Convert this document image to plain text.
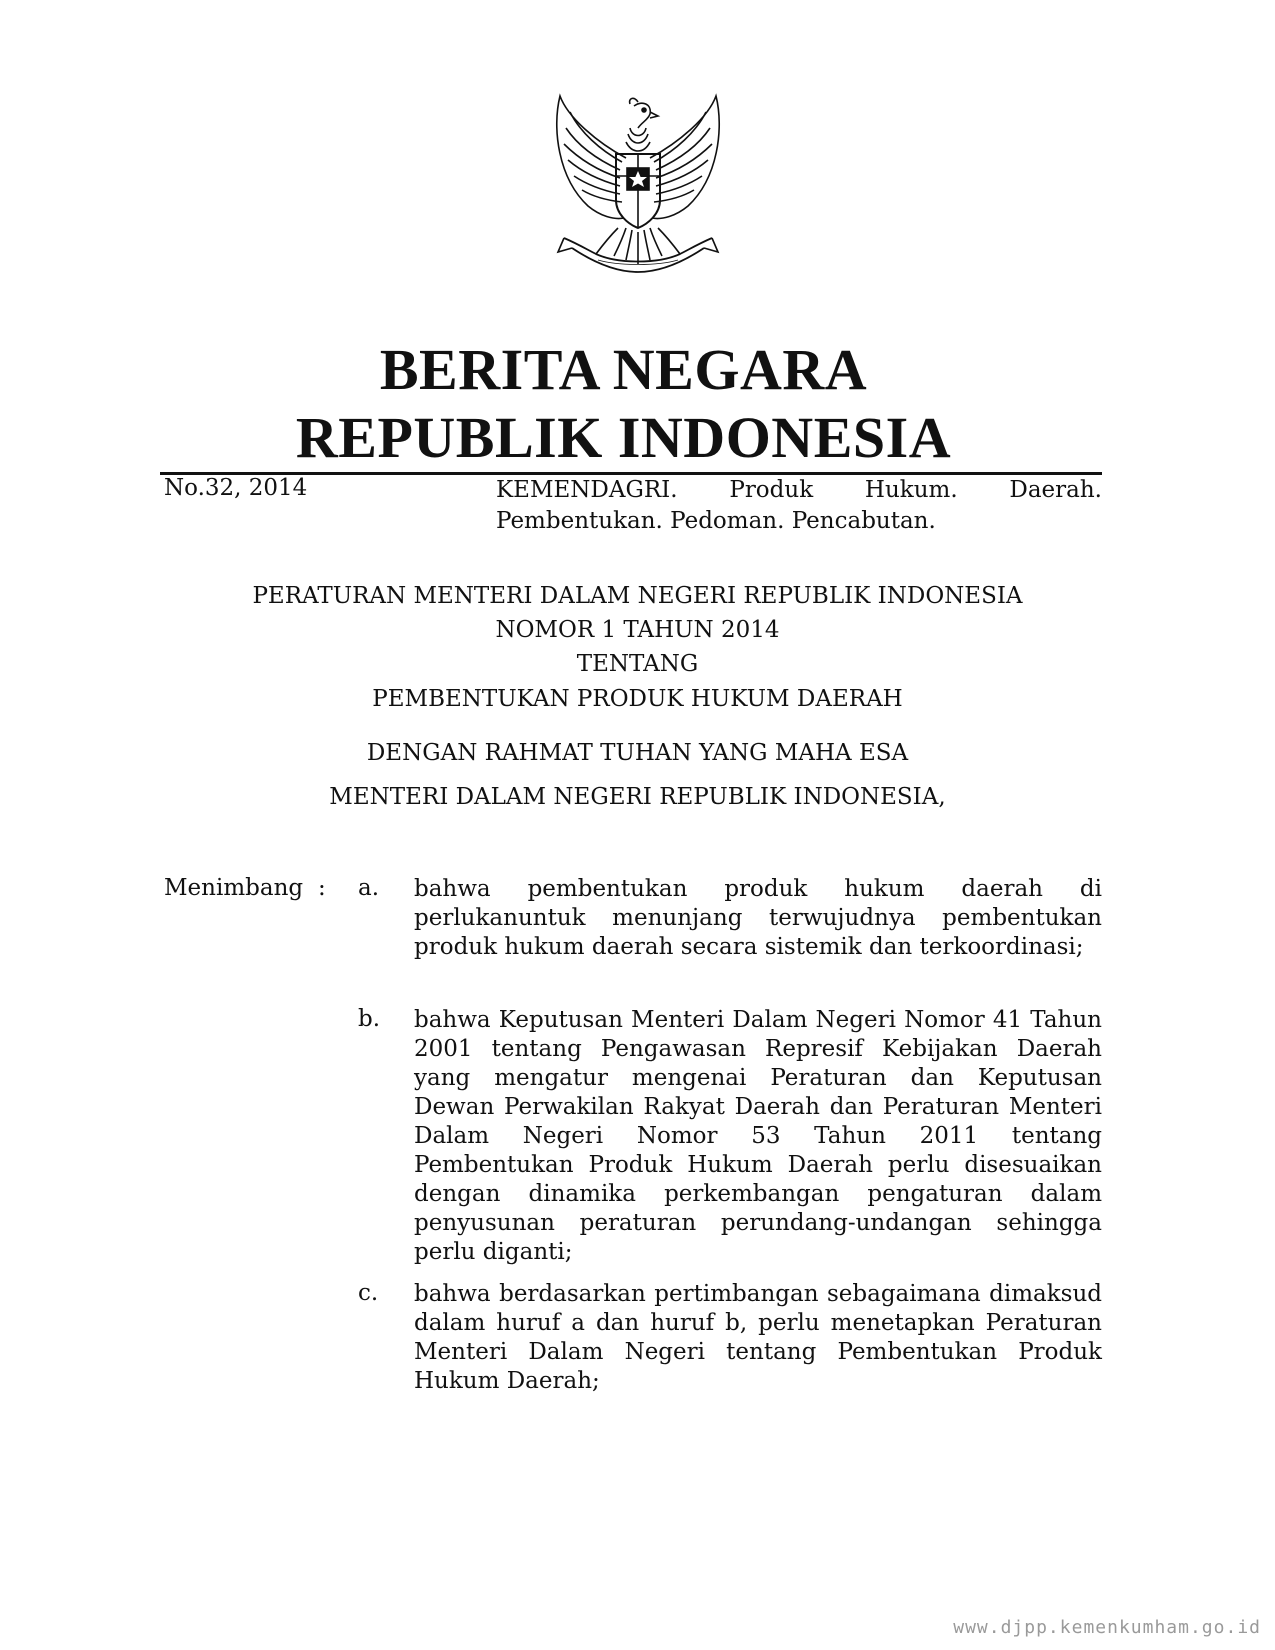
BERITA NEGARA
REPUBLIK INDONESIA
No.32, 2014	KEMENDAGRI. Produk Hukum. Daerah.
Pembentukan. Pedoman. Pencabutan.
PERATURAN MENTERI DALAM NEGERI REPUBLIK INDONESIA
NOMOR 1 TAHUN 2014
TENTANG
PEMBENTUKAN PRODUK HUKUM DAERAH
DENGAN RAHMAT TUHAN YANG MAHA ESA
MENTERI DALAM NEGERI REPUBLIK INDONESIA,
Menimbang : a. bahwa pembentukan produk hukum daerah di perlukanuntuk menunjang terwujudnya pembentukan produk hukum daerah secara sistemik dan terkoordinasi;
b. bahwa Keputusan Menteri Dalam Negeri Nomor 41 Tahun 2001 tentang Pengawasan Represif Kebijakan Daerah yang mengatur mengenai Peraturan dan Keputusan Dewan Perwakilan Rakyat Daerah dan Peraturan Menteri Dalam Negeri Nomor 53 Tahun 2011 tentang Pembentukan Produk Hukum Daerah perlu disesuaikan dengan dinamika perkembangan pengaturan dalam penyusunan peraturan perundang-undangan sehingga perlu diganti;
c. bahwa berdasarkan pertimbangan sebagaimana dimaksud dalam huruf a dan huruf b, perlu menetapkan Peraturan Menteri Dalam Negeri tentang Pembentukan Produk Hukum Daerah;
www.djpp.kemenkumham.go.id
